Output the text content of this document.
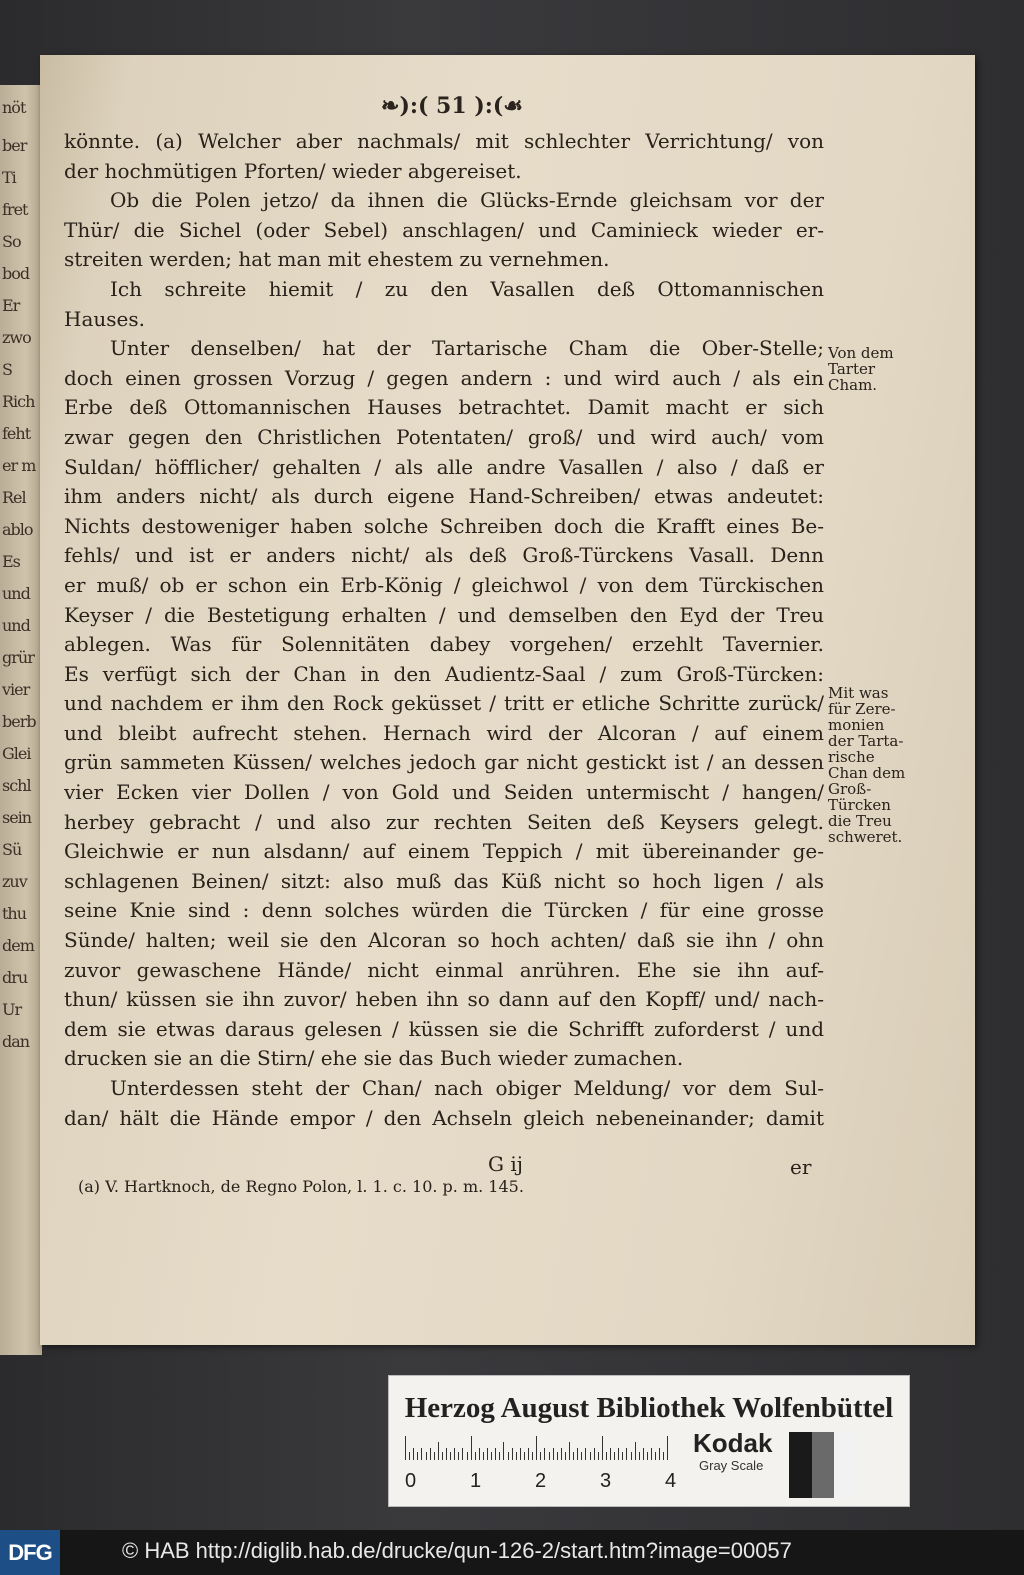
nöt
ber
Ti
fret
So
bod
Er
zwo
S
Rich
feht
er m
Rel
ablo
Es
und
und
grür
vier
berb
Glei
schl
sein
Sü
zuv
thu
dem
dru
Ur
dan
❧):( 51 ):(☙
könnte. (a) Welcher aber nachmals/ mit schlechter Verrichtung/ von
der hochmütigen Pforten/ wieder abgereiset.
Ob die Polen jetzo/ da ihnen die Glücks-Ernde gleichsam vor der
Thür/ die Sichel (oder Sebel) anschlagen/ und Caminieck wieder er-
streiten werden; hat man mit ehestem zu vernehmen.
Ich schreite hiemit / zu den Vasallen deß Ottomannischen
Hauses.
Unter denselben/ hat der Tartarische Cham die Ober-Stelle;
doch einen grossen Vorzug / gegen andern : und wird auch / als ein
Erbe deß Ottomannischen Hauses betrachtet. Damit macht er sich
zwar gegen den Christlichen Potentaten/ groß/ und wird auch/ vom
Suldan/ höfflicher/ gehalten / als alle andre Vasallen / also / daß er
ihm anders nicht/ als durch eigene Hand-Schreiben/ etwas andeutet:
Nichts destoweniger haben solche Schreiben doch die Krafft eines Be-
fehls/ und ist er anders nicht/ als deß Groß-Türckens Vasall. Denn
er muß/ ob er schon ein Erb-König / gleichwol / von dem Türckischen
Keyser / die Bestetigung erhalten / und demselben den Eyd der Treu
ablegen. Was für Solennitäten dabey vorgehen/ erzehlt Tavernier.
Es verfügt sich der Chan in den Audientz-Saal / zum Groß-Türcken:
und nachdem er ihm den Rock geküsset / tritt er etliche Schritte zurück/
und bleibt aufrecht stehen. Hernach wird der Alcoran / auf einem
grün sammeten Küssen/ welches jedoch gar nicht gestickt ist / an dessen
vier Ecken vier Dollen / von Gold und Seiden untermischt / hangen/
herbey gebracht / und also zur rechten Seiten deß Keysers gelegt.
Gleichwie er nun alsdann/ auf einem Teppich / mit übereinander ge-
schlagenen Beinen/ sitzt: also muß das Küß nicht so hoch ligen / als
seine Knie sind : denn solches würden die Türcken / für eine grosse
Sünde/ halten; weil sie den Alcoran so hoch achten/ daß sie ihn / ohn
zuvor gewaschene Hände/ nicht einmal anrühren. Ehe sie ihn auf-
thun/ küssen sie ihn zuvor/ heben ihn so dann auf den Kopff/ und/ nach-
dem sie etwas daraus gelesen / küssen sie die Schrifft zuforderst / und
drucken sie an die Stirn/ ehe sie das Buch wieder zumachen.
Unterdessen steht der Chan/ nach obiger Meldung/ vor dem Sul-
dan/ hält die Hände empor / den Achseln gleich nebeneinander; damit
Von dem
Tarter
Cham.
Mit was
für Zere-
monien
der Tarta-
rische
Chan dem
Groß-
Türcken
die Treu
schweret.
G ij	er
(a) V. Hartknoch, de Regno Polon, l. 1. c. 10. p. m. 145.
Herzog August Bibliothek Wolfenbüttel
0	1	2	3	4
Kodak
Gray Scale
DFG	© HAB http://diglib.hab.de/drucke/qun-126-2/start.htm?image=00057
